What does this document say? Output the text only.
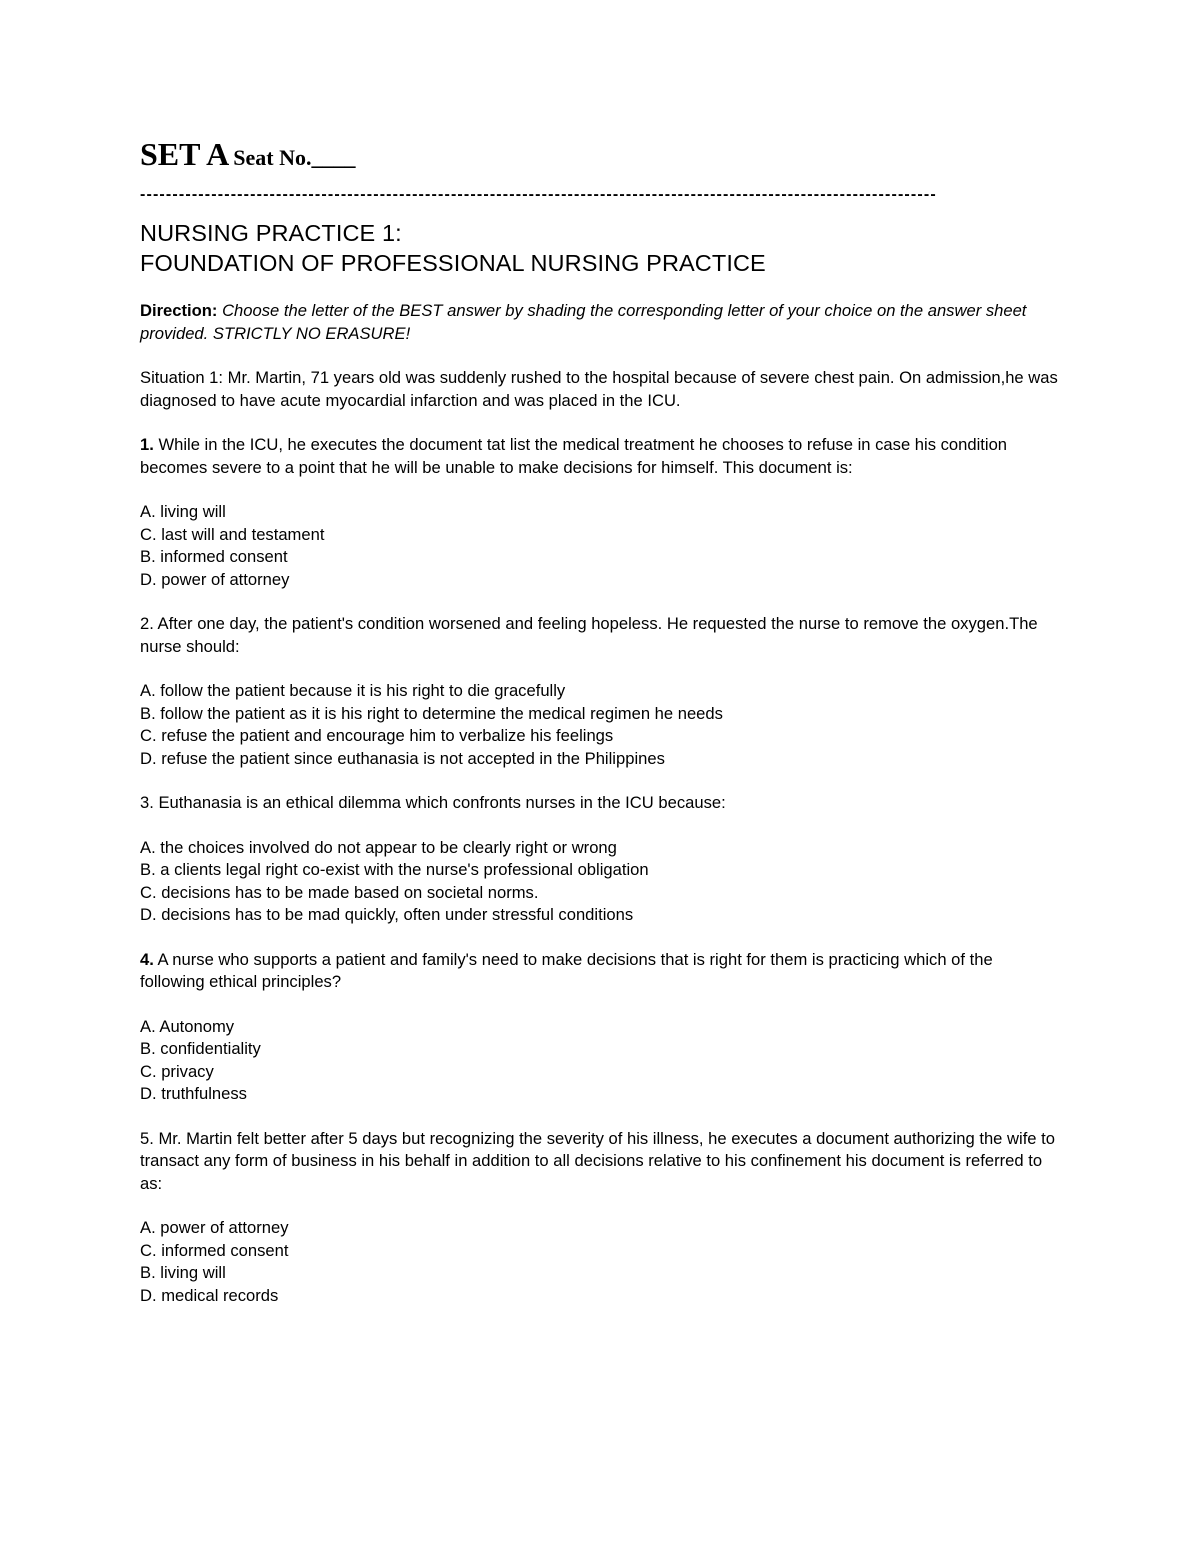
SET A Seat No.____
---------------------------------------------------------------------------------------------------------------------------
NURSING PRACTICE 1:
FOUNDATION OF PROFESSIONAL NURSING PRACTICE
Direction: Choose the letter of the BEST answer by shading the corresponding letter of your choice on the answer sheet provided. STRICTLY NO ERASURE!
Situation 1: Mr. Martin, 71 years old was suddenly rushed to the hospital because of severe chest pain. On admission,he was diagnosed to have acute myocardial infarction and was placed in the ICU.
1. While in the ICU, he executes the document tat list the medical treatment he chooses to refuse in case his condition becomes severe to a point that he will be unable to make decisions for himself. This document is:
A. living will
C. last will and testament
B. informed consent
D. power of attorney
2. After one day, the patient's condition worsened and feeling hopeless. He requested the nurse to remove the oxygen.The nurse should:
A. follow the patient because it is his right to die gracefully
B. follow the patient as it is his right to determine the medical regimen he needs
C. refuse the patient and encourage him to verbalize his feelings
D. refuse the patient since euthanasia is not accepted in the Philippines
3. Euthanasia is an ethical dilemma which confronts nurses in the ICU because:
A. the choices involved do not appear to be clearly right or wrong
B. a clients legal right co-exist with the nurse's professional obligation
C. decisions has to be made based on societal norms.
D. decisions has to be mad quickly, often under stressful conditions
4. A nurse who supports a patient and family's need to make decisions that is right for them is practicing which of the following ethical principles?
A. Autonomy
B. confidentiality
C. privacy
D. truthfulness
5. Mr. Martin felt better after 5 days but recognizing the severity of his illness, he executes a document authorizing the wife to transact any form of business in his behalf in addition to all decisions relative to his confinement his document is referred to as:
A. power of attorney
C. informed consent
B. living will
D. medical records
